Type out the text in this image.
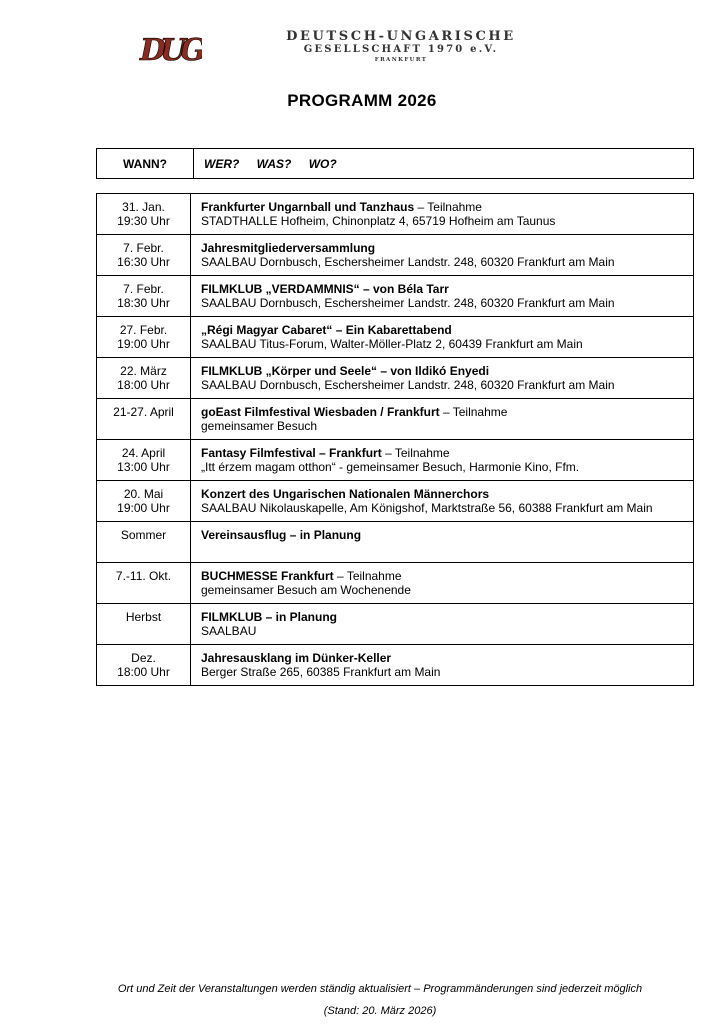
DUG	DEUTSCH-UNGARISCHE
GESELLSCHAFT 1970 e.V.
FRANKFURT
PROGRAMM 2026
WANN?	WER? WAS? WO?
31. Jan.
19:30 Uhr	Frankfurter Ungarnball und Tanzhaus – Teilnahme
STADTHALLE Hofheim, Chinonplatz 4, 65719 Hofheim am Taunus

7. Febr.
16:30 Uhr	Jahresmitgliederversammlung
SAALBAU Dornbusch, Eschersheimer Landstr. 248, 60320 Frankfurt am Main

7. Febr.
18:30 Uhr	FILMKLUB „VERDAMMNIS“ – von Béla Tarr
SAALBAU Dornbusch, Eschersheimer Landstr. 248, 60320 Frankfurt am Main

27. Febr.
19:00 Uhr	„Régi Magyar Cabaret“ – Ein Kabarettabend
SAALBAU Titus-Forum, Walter-Möller-Platz 2, 60439 Frankfurt am Main

22. März
18:00 Uhr	FILMKLUB „Körper und Seele“ – von Ildikó Enyedi
SAALBAU Dornbusch, Eschersheimer Landstr. 248, 60320 Frankfurt am Main

21-27. April	goEast Filmfestival Wiesbaden / Frankfurt – Teilnahme
gemeinsamer Besuch

24. April
13:00 Uhr	Fantasy Filmfestival – Frankfurt – Teilnahme
„Itt érzem magam otthon“ - gemeinsamer Besuch, Harmonie Kino, Ffm.

20. Mai
19:00 Uhr	Konzert des Ungarischen Nationalen Männerchors
SAALBAU Nikolauskapelle, Am Königshof, Marktstraße 56, 60388 Frankfurt am Main

Sommer	Vereinsausflug – in Planung

7.-11. Okt.	BUCHMESSE Frankfurt – Teilnahme
gemeinsamer Besuch am Wochenende

Herbst	FILMKLUB – in Planung
SAALBAU

Dez.
18:00 Uhr	Jahresausklang im Dünker-Keller
Berger Straße 265, 60385 Frankfurt am Main
Ort und Zeit der Veranstaltungen werden ständig aktualisiert – Programmänderungen sind jederzeit möglich
(Stand: 20. März 2026)
